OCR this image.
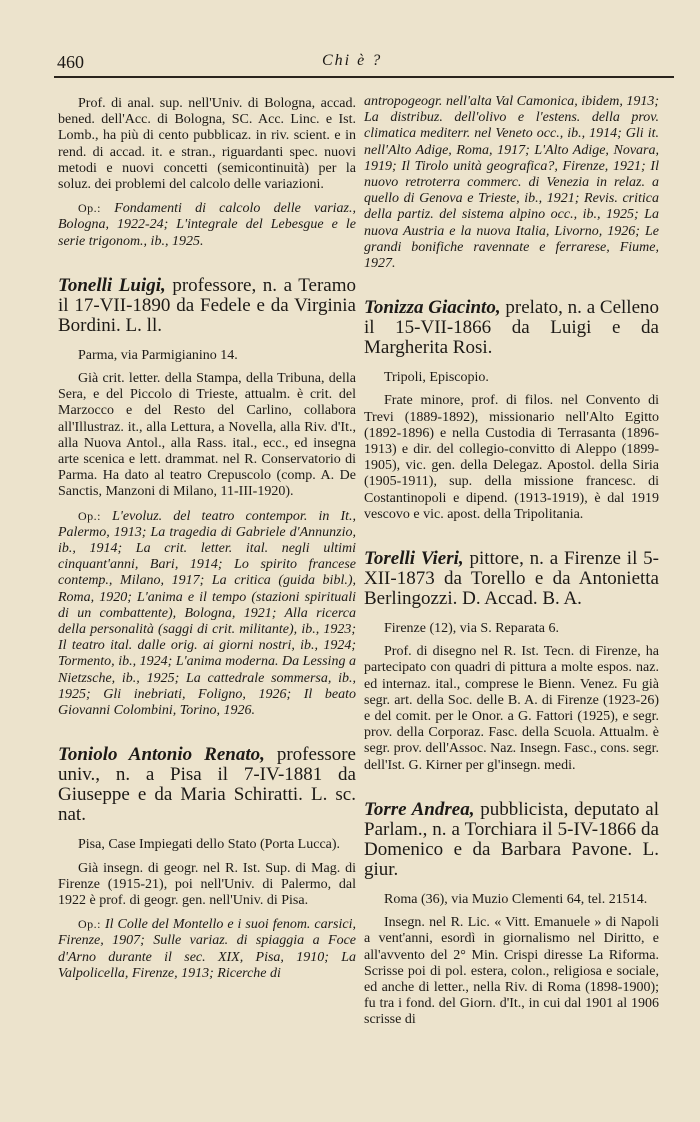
460	Chi è ?

Prof. di anal. sup. nell'Univ. di Bologna, accad. bened. dell'Acc. di Bologna, SC. Acc. Linc. e Ist. Lomb., ha più di cento pubblicaz. in riv. scient. e in rend. di accad. it. e stran., riguardanti spec. nuovi metodi e nuovi concetti (semicontinuità) per la soluz. dei problemi del calcolo delle variazioni.

Op.: Fondamenti di calcolo delle variaz., Bologna, 1922-24; L'integrale del Lebesgue e le serie trigonom., ib., 1925.

Tonelli Luigi, professore, n. a Teramo il 17-VII-1890 da Fedele e da Virginia Bordini. L. ll.

Parma, via Parmigianino 14.

Già crit. letter. della Stampa, della Tribuna, della Sera, e del Piccolo di Trieste, attualm. è crit. del Marzocco e del Resto del Carlino, collabora all'Illustraz. it., alla Lettura, a Novella, alla Riv. d'It., alla Nuova Antol., alla Rass. ital., ecc., ed insegna arte scenica e lett. drammat. nel R. Conservatorio di Parma. Ha dato al teatro Crepuscolo (comp. A. De Sanctis, Manzoni di Milano, 11-III-1920).

Op.: L'evoluz. del teatro contempor. in It., Palermo, 1913; La tragedia di Gabriele d'Annunzio, ib., 1914; La crit. letter. ital. negli ultimi cinquant'anni, Bari, 1914; Lo spirito francese contemp., Milano, 1917; La critica (guida bibl.), Roma, 1920; L'anima e il tempo (stazioni spirituali di un combattente), Bologna, 1921; Alla ricerca della personalità (saggi di crit. militante), ib., 1923; Il teatro ital. dalle orig. ai giorni nostri, ib., 1924; Tormento, ib., 1924; L'anima moderna. Da Lessing a Nietzsche, ib., 1925; La cattedrale sommersa, ib., 1925; Gli inebriati, Foligno, 1926; Il beato Giovanni Colombini, Torino, 1926.

Toniolo Antonio Renato, professore univ., n. a Pisa il 7-IV-1881 da Giuseppe e da Maria Schiratti. L. sc. nat.

Pisa, Case Impiegati dello Stato (Porta Lucca).

Già insegn. di geogr. nel R. Ist. Sup. di Mag. di Firenze (1915-21), poi nell'Univ. di Palermo, dal 1922 è prof. di geogr. gen. nell'Univ. di Pisa.

Op.: Il Colle del Montello e i suoi fenom. carsici, Firenze, 1907; Sulle variaz. di spiaggia a Foce d'Arno durante il sec. XIX, Pisa, 1910; La Valpolicella, Firenze, 1913; Ricerche di

antropogeogr. nell'alta Val Camonica, ibidem, 1913; La distribuz. dell'olivo e l'estens. della prov. climatica mediterr. nel Veneto occ., ib., 1914; Gli it. nell'Alto Adige, Roma, 1917; L'Alto Adige, Novara, 1919; Il Tirolo unità geografica?, Firenze, 1921; Il nuovo retroterra commerc. di Venezia in relaz. a quello di Genova e Trieste, ib., 1921; Revis. critica della partiz. del sistema alpino occ., ib., 1925; La nuova Austria e la nuova Italia, Livorno, 1926; Le grandi bonifiche ravennate e ferrarese, Fiume, 1927.

Tonizza Giacinto, prelato, n. a Celleno il 15-VII-1866 da Luigi e da Margherita Rosi.

Tripoli, Episcopio.

Frate minore, prof. di filos. nel Convento di Trevi (1889-1892), missionario nell'Alto Egitto (1892-1896) e nella Custodia di Terrasanta (1896-1913) e dir. del collegio-convitto di Aleppo (1899-1905), vic. gen. della Delegaz. Apostol. della Siria (1905-1911), sup. della missione francesc. di Costantinopoli e dipend. (1913-1919), è dal 1919 vescovo e vic. apost. della Tripolitania.

Torelli Vieri, pittore, n. a Firenze il 5-XII-1873 da Torello e da Antonietta Berlingozzi. D. Accad. B. A.

Firenze (12), via S. Reparata 6.

Prof. di disegno nel R. Ist. Tecn. di Firenze, ha partecipato con quadri di pittura a molte espos. naz. ed internaz. ital., comprese le Bienn. Venez. Fu già segr. art. della Soc. delle B. A. di Firenze (1923-26) e del comit. per le Onor. a G. Fattori (1925), e segr. prov. della Corporaz. Fasc. della Scuola. Attualm. è segr. prov. dell'Assoc. Naz. Insegn. Fasc., cons. segr. dell'Ist. G. Kirner per gl'insegn. medi.

Torre Andrea, pubblicista, deputato al Parlam., n. a Torchiara il 5-IV-1866 da Domenico e da Barbara Pavone. L. giur.

Roma (36), via Muzio Clementi 64, tel. 21514.

Insegn. nel R. Lic. « Vitt. Emanuele » di Napoli a vent'anni, esordì in giornalismo nel Diritto, e all'avvento del 2° Min. Crispi diresse La Riforma. Scrisse poi di pol. estera, colon., religiosa e sociale, ed anche di letter., nella Riv. di Roma (1898-1900); fu tra i fond. del Giorn. d'It., in cui dal 1901 al 1906 scrisse di
